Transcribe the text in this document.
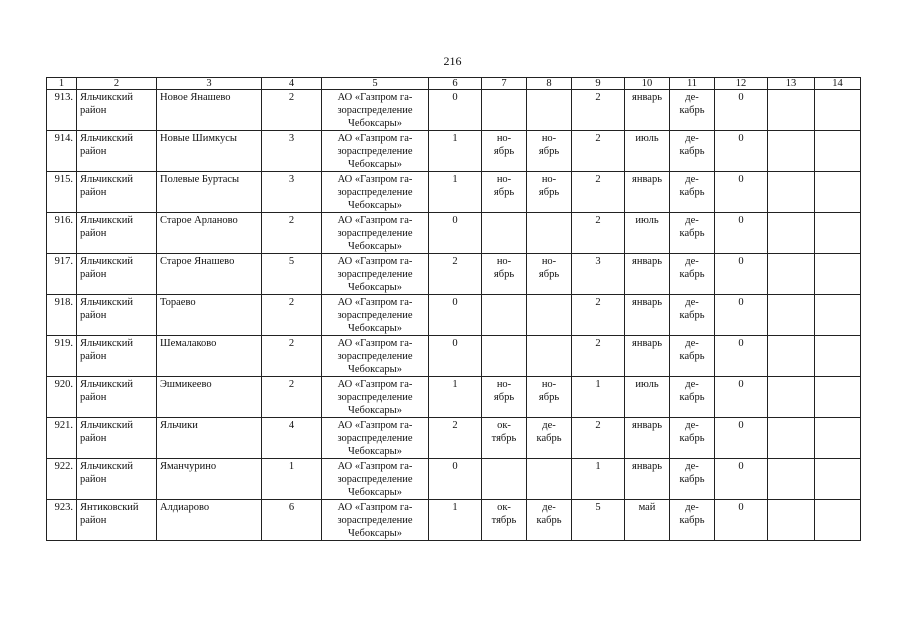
216
1	2	3	4	5	6	7	8	9	10	11	12	13	14
913.	Яльчикский район	Новое Янашево	2	АО «Газпром га-
зораспределение
Чебоксары»	0			2	январь	де-
кабрь	0		
914.	Яльчикский район	Новые Шимкусы	3	АО «Газпром га-
зораспределение
Чебоксары»	1	но-
ябрь	но-
ябрь	2	июль	де-
кабрь	0		
915.	Яльчикский район	Полевые Буртасы	3	АО «Газпром га-
зораспределение
Чебоксары»	1	но-
ябрь	но-
ябрь	2	январь	де-
кабрь	0		
916.	Яльчикский район	Старое Арланово	2	АО «Газпром га-
зораспределение
Чебоксары»	0			2	июль	де-
кабрь	0		
917.	Яльчикский район	Старое Янашево	5	АО «Газпром га-
зораспределение
Чебоксары»	2	но-
ябрь	но-
ябрь	3	январь	де-
кабрь	0		
918.	Яльчикский район	Тораево	2	АО «Газпром га-
зораспределение
Чебоксары»	0			2	январь	де-
кабрь	0		
919.	Яльчикский район	Шемалаково	2	АО «Газпром га-
зораспределение
Чебоксары»	0			2	январь	де-
кабрь	0		
920.	Яльчикский район	Эшмикеево	2	АО «Газпром га-
зораспределение
Чебоксары»	1	но-
ябрь	но-
ябрь	1	июль	де-
кабрь	0		
921.	Яльчикский район	Яльчики	4	АО «Газпром га-
зораспределение
Чебоксары»	2	ок-
тябрь	де-
кабрь	2	январь	де-
кабрь	0		
922.	Яльчикский район	Яманчурино	1	АО «Газпром га-
зораспределение
Чебоксары»	0			1	январь	де-
кабрь	0		
923.	Янтиковский район	Алдиарово	6	АО «Газпром га-
зораспределение
Чебоксары»	1	ок-
тябрь	де-
кабрь	5	май	де-
кабрь	0		
